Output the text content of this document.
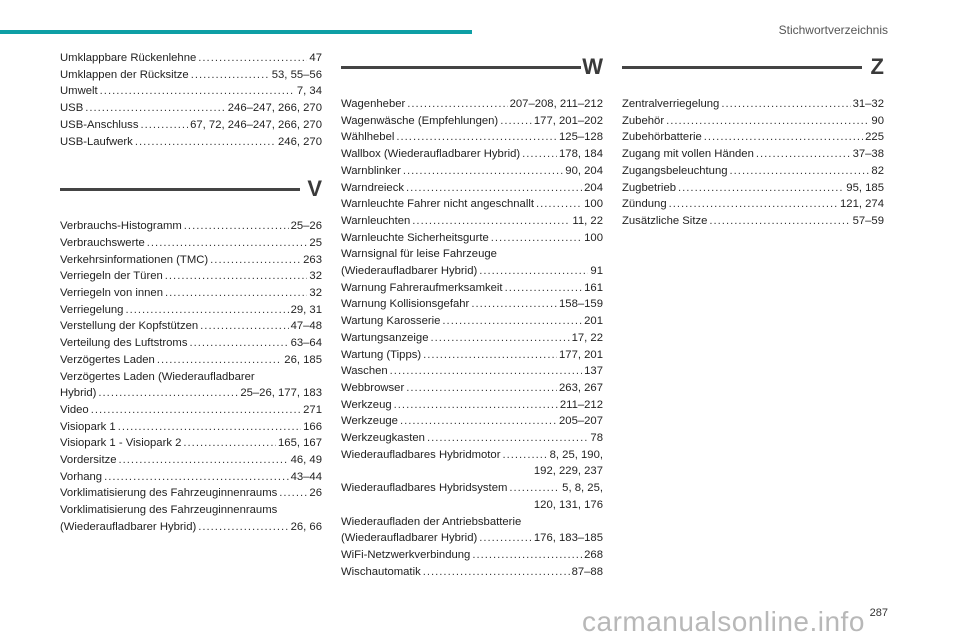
Stichwortverzeichnis
Umklappbare Rückenlehne .....	47
Umklappen der Rücksitze .....	53, 55–56
Umwelt .....	7, 34
USB .....	246–247, 266, 270
USB-Anschluss .....	67, 72, 246–247, 266, 270
USB-Laufwerk .....	246, 270
V
Verbrauchs-Histogramm .....	25–26
Verbrauchswerte .....	25
Verkehrsinformationen (TMC) .....	263
Verriegeln der Türen .....	32
Verriegeln von innen .....	32
Verriegelung .....	29, 31
Verstellung der Kopfstützen .....	47–48
Verteilung des Luftstroms .....	63–64
Verzögertes Laden .....	26, 185
Verzögertes Laden (Wiederaufladbarer
Hybrid) .....	25–26, 177, 183
Video .....	271
Visiopark 1 .....	166
Visiopark 1 - Visiopark 2 .....	165, 167
Vordersitze .....	46, 49
Vorhang .....	43–44
Vorklimatisierung des Fahrzeuginnenraums .....	26
Vorklimatisierung des Fahrzeuginnenraums
(Wiederaufladbarer Hybrid) .....	26, 66
W
Wagenheber .....	207–208, 211–212
Wagenwäsche (Empfehlungen) .....	177, 201–202
Wählhebel .....	125–128
Wallbox (Wiederaufladbarer Hybrid) .....	178, 184
Warnblinker .....	90, 204
Warndreieck .....	204
Warnleuchte Fahrer nicht angeschnallt .....	100
Warnleuchten .....	11, 22
Warnleuchte Sicherheitsgurte .....	100
Warnsignal für leise Fahrzeuge
(Wiederaufladbarer Hybrid) .....	91
Warnung Fahreraufmerksamkeit .....	161
Warnung Kollisionsgefahr .....	158–159
Wartung Karosserie .....	201
Wartungsanzeige .....	17, 22
Wartung (Tipps) .....	177, 201
Waschen .....	137
Webbrowser .....	263, 267
Werkzeug .....	211–212
Werkzeuge .....	205–207
Werkzeugkasten .....	78
Wiederaufladbares Hybridmotor .....	8, 25, 190,
192, 229, 237
Wiederaufladbares Hybridsystem .....	5, 8, 25,
120, 131, 176
Wiederaufladen der Antriebsbatterie
(Wiederaufladbarer Hybrid) .....	176, 183–185
WiFi-Netzwerkverbindung .....	268
Wischautomatik .....	87–88
Z
Zentralverriegelung .....	31–32
Zubehör .....	90
Zubehörbatterie .....	225
Zugang mit vollen Händen .....	37–38
Zugangsbeleuchtung .....	82
Zugbetrieb .....	95, 185
Zündung .....	121, 274
Zusätzliche Sitze .....	57–59
carmanualsonline.info 287
